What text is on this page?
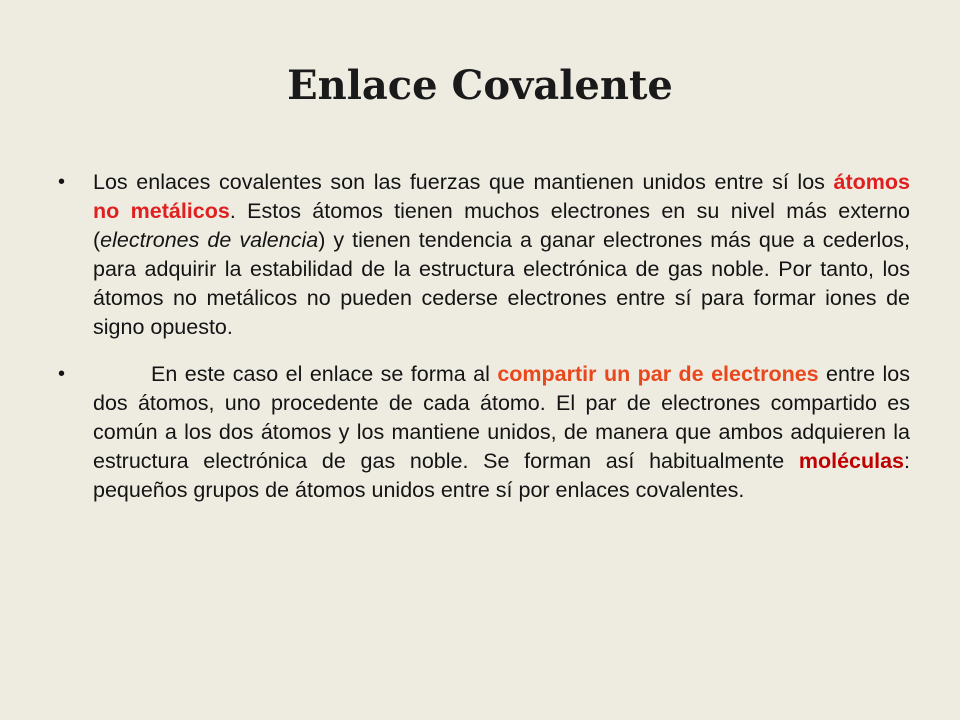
Enlace Covalente
•	Los enlaces covalentes son las fuerzas que mantienen unidos entre sí los átomos no metálicos. Estos átomos tienen muchos electrones en su nivel más externo (electrones de valencia) y tienen tendencia a ganar electrones más que a cederlos, para adquirir la estabilidad de la estructura electrónica de gas noble. Por tanto, los átomos no metálicos no pueden cederse electrones entre sí para formar iones de signo opuesto.
•	En este caso el enlace se forma al compartir un par de electrones entre los dos átomos, uno procedente de cada átomo. El par de electrones compartido es común a los dos átomos y los mantiene unidos, de manera que ambos adquieren la estructura electrónica de gas noble. Se forman así habitualmente moléculas: pequeños grupos de átomos unidos entre sí por enlaces covalentes.
